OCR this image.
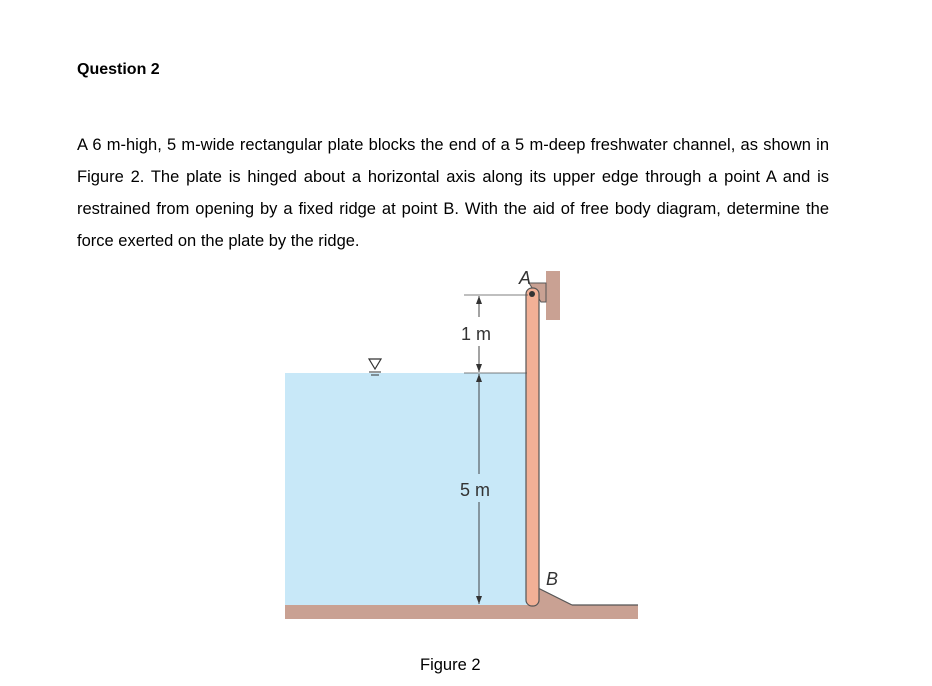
Question 2
A 6 m-high, 5 m-wide rectangular plate blocks the end of a 5 m-deep freshwater channel, as shown in Figure 2. The plate is hinged about a horizontal axis along its upper edge through a point A and is restrained from opening by a fixed ridge at point B. With the aid of free body diagram, determine the force exerted on the plate by the ridge.
A
B
1 m
5 m
Figure 2
